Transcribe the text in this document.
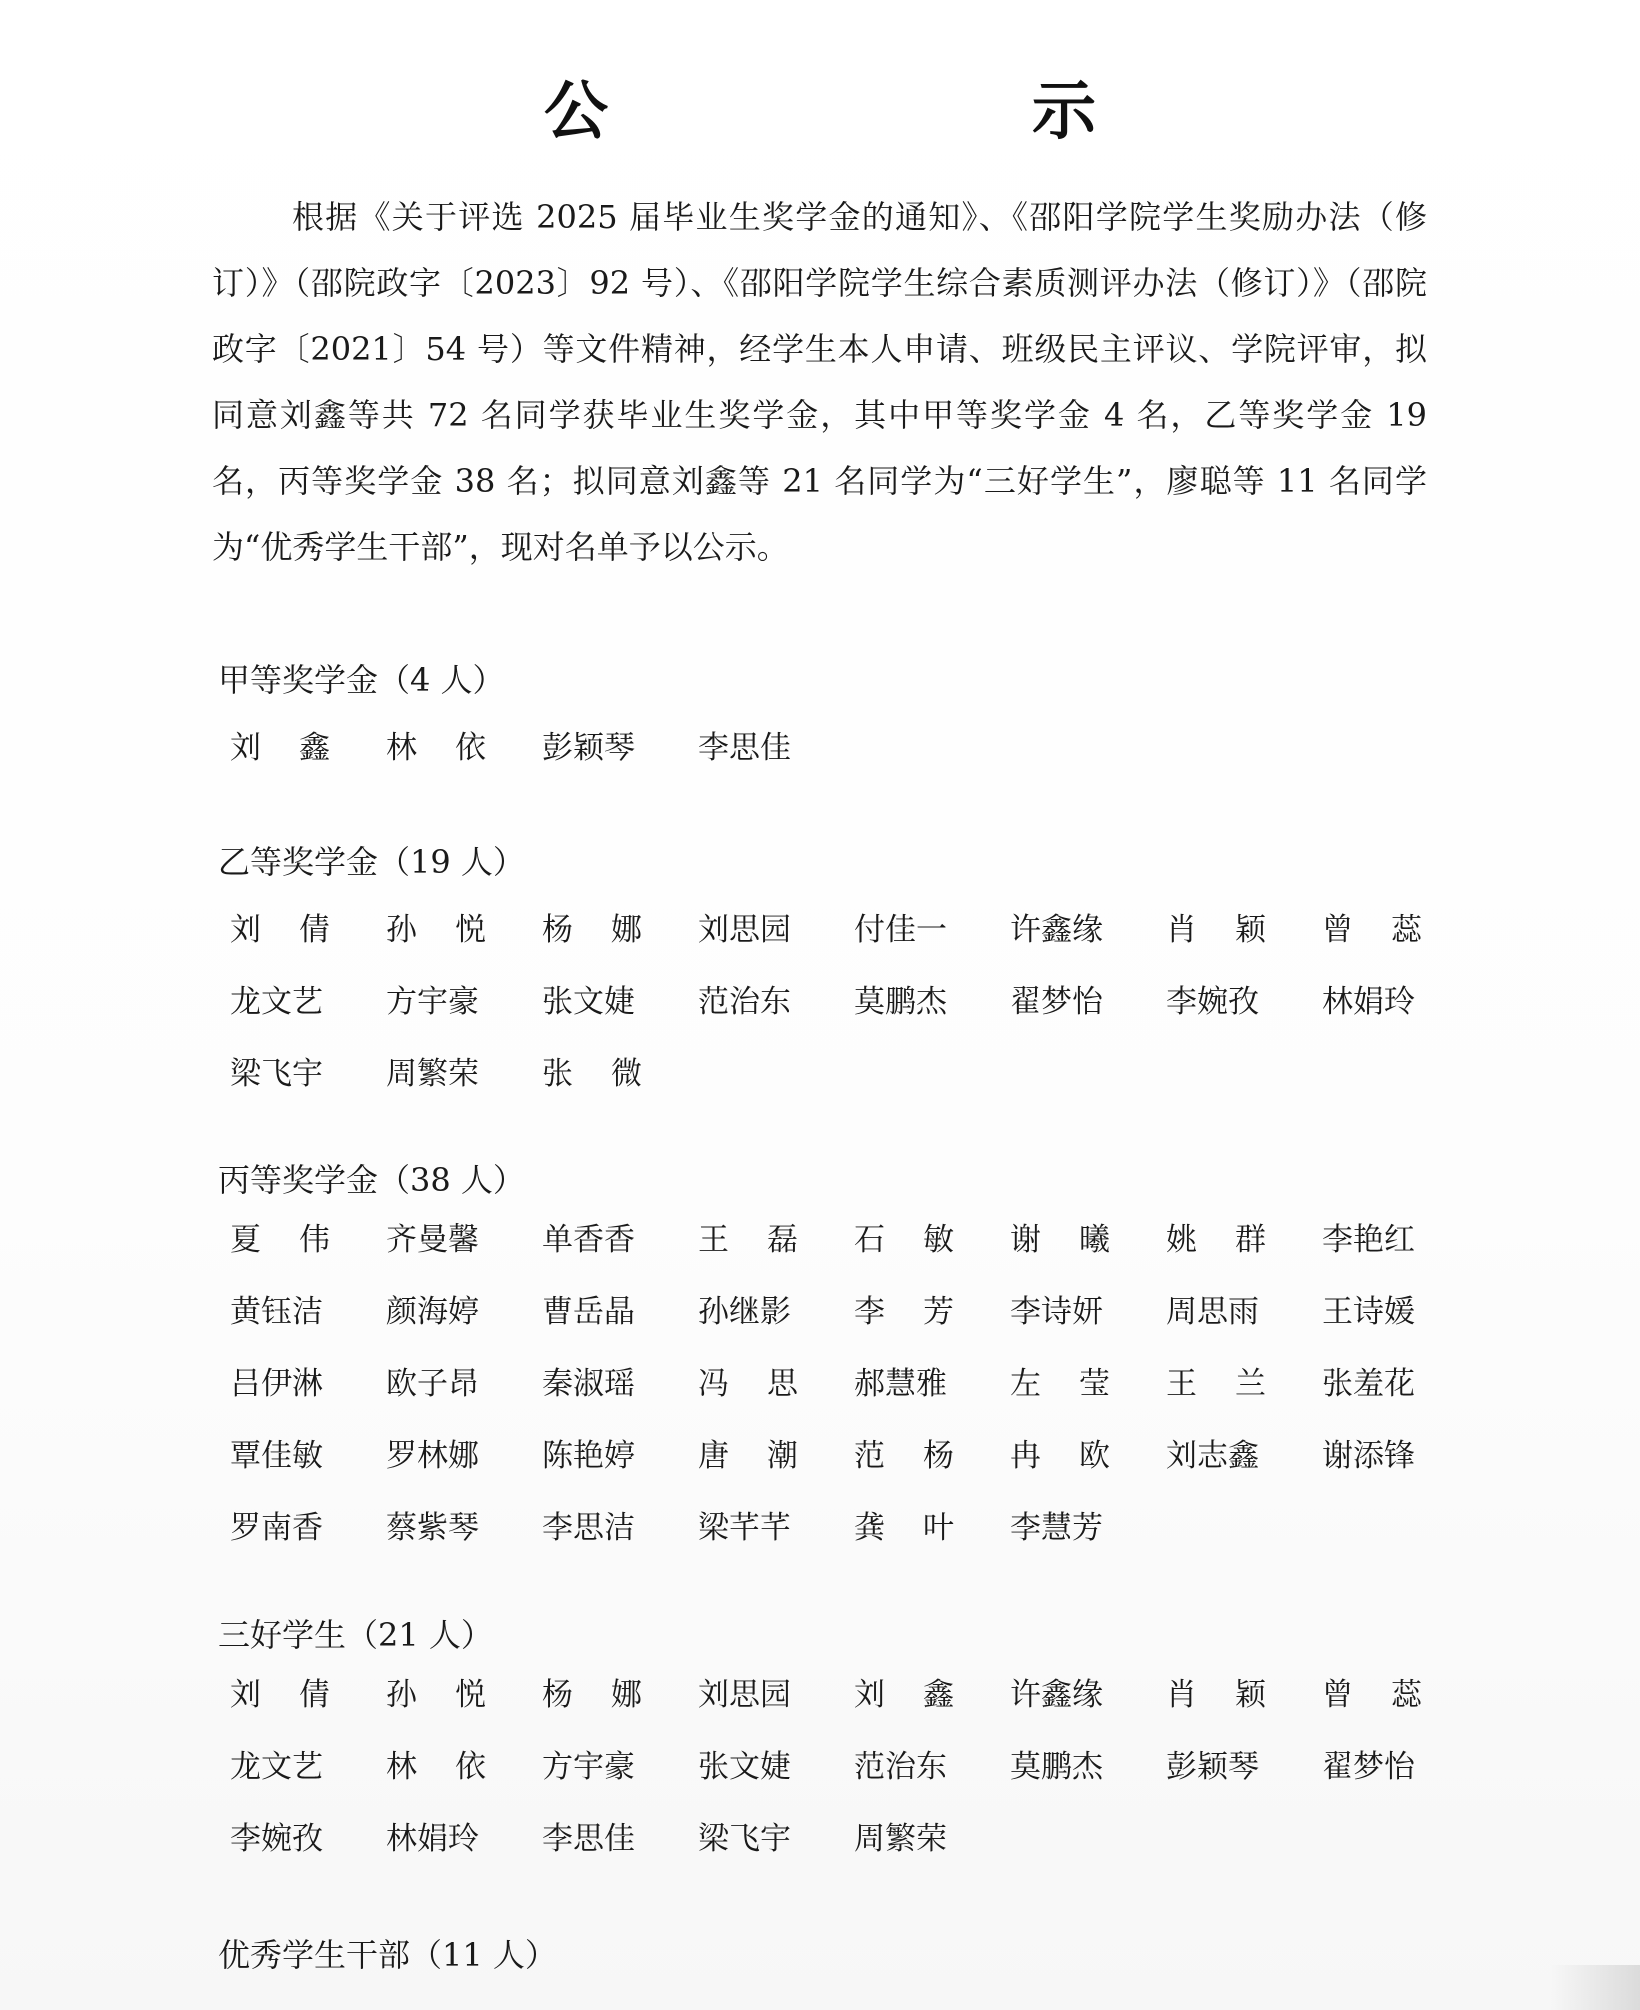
公　示
根据《关于评选 2025 届毕业生奖学金的通知》、《邵阳学院学生奖励办法（修订）》（邵院政字〔2023〕92 号）、《邵阳学院学生综合素质测评办法（修订）》（邵院政字〔2021〕54 号）等文件精神，经学生本人申请、班级民主评议、学院评审，拟同意刘鑫等共 72 名同学获毕业生奖学金，其中甲等奖学金 4 名，乙等奖学金 19 名，丙等奖学金 38 名；拟同意刘鑫等 21 名同学为“三好学生”，廖聪等 11 名同学为“优秀学生干部”，现对名单予以公示。
甲等奖学金（4 人）
刘鑫 林依 彭颖琴	李思佳
乙等奖学金（19 人）
刘倩 孙悦 杨娜 刘思园	付佳一	许鑫缘	肖颖 曾蕊
龙文艺	方宇豪	张文婕	范治东	莫鹏杰	翟梦怡	李婉孜	林娟玲
梁飞宇	周繁荣	张微
丙等奖学金（38 人）
夏伟 齐曼馨	单香香	王磊 石敏 谢曦 姚群 李艳红
黄钰洁	颜海婷	曹岳晶	孙继影	李芳 李诗妍	周思雨	王诗媛
吕伊淋	欧子昂	秦淑瑶	冯思 郝慧雅	左莹 王兰 张羞花
覃佳敏	罗林娜	陈艳婷	唐潮 范杨 冉欧 刘志鑫	谢添锋
罗南香	蔡紫琴	李思洁	梁芊芊	龚叶 李慧芳
三好学生（21 人）
刘倩 孙悦 杨娜 刘思园	刘鑫 许鑫缘	肖颖 曾蕊
龙文艺	林依 方宇豪	张文婕	范治东	莫鹏杰	彭颖琴	翟梦怡
李婉孜	林娟玲	李思佳	梁飞宇	周繁荣
优秀学生干部（11 人）
